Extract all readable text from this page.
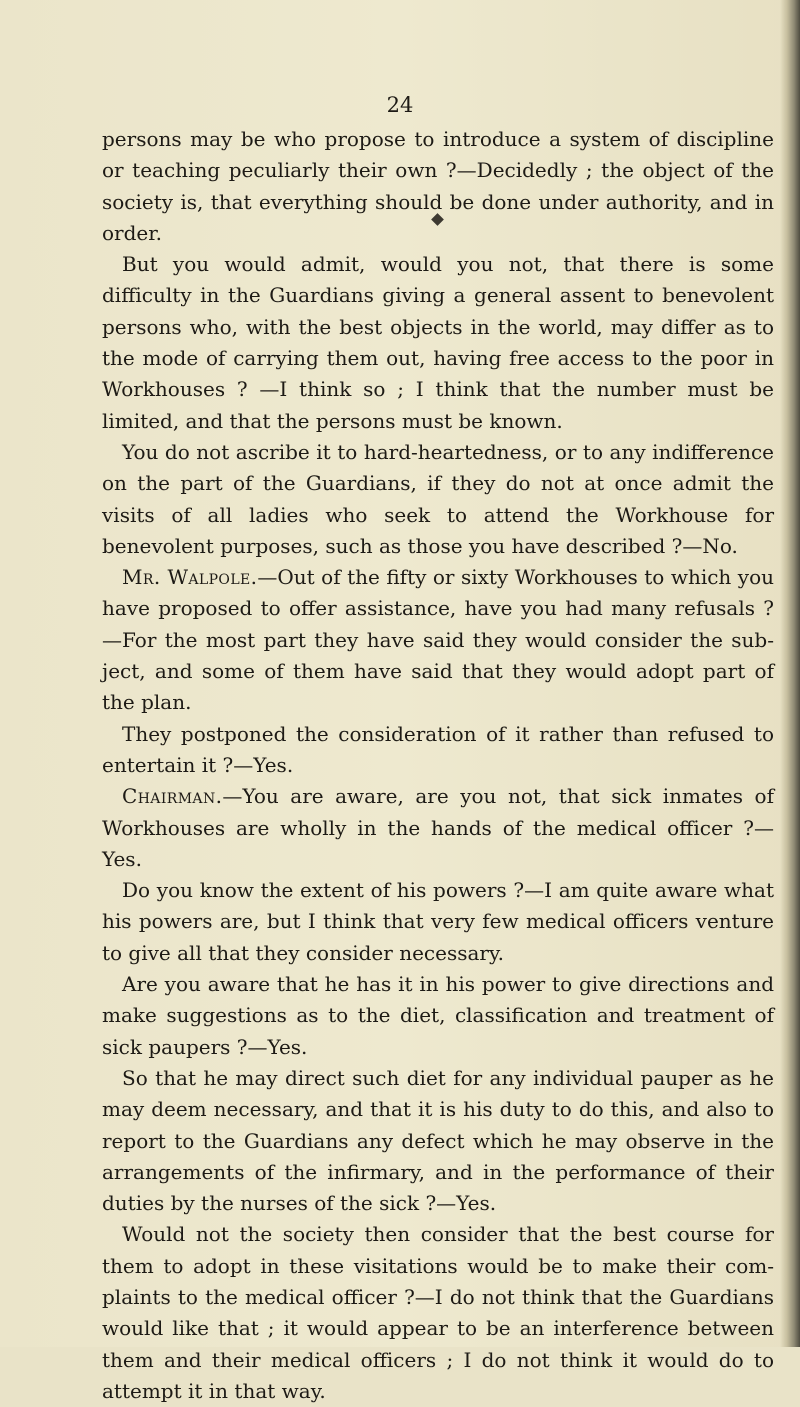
24

persons may be who propose to introduce a system of discipline or teaching peculiarly their own ?—Decidedly ; the object of the society is, that everything should be done under authority, and in order.

But you would admit, would you not, that there is some difficulty in the Guardians giving a general assent to benevolent persons who, with the best objects in the world, may differ as to the mode of carrying them out, having free access to the poor in Workhouses ? —I think so ; I think that the number must be limited, and that the persons must be known.

You do not ascribe it to hard-heartedness, or to any indifference on the part of the Guardians, if they do not at once admit the visits of all ladies who seek to attend the Workhouse for benevolent purposes, such as those you have described ?—No.

Mr. Walpole.—Out of the fifty or sixty Workhouses to which you have proposed to offer assistance, have you had many refusals ? —For the most part they have said they would consider the sub- ject, and some of them have said that they would adopt part of the plan.

They postponed the consideration of it rather than refused to entertain it ?—Yes.

Chairman.—You are aware, are you not, that sick inmates of Workhouses are wholly in the hands of the medical officer ?— Yes.

Do you know the extent of his powers ?—I am quite aware what his powers are, but I think that very few medical officers venture to give all that they consider necessary.

Are you aware that he has it in his power to give directions and make suggestions as to the diet, classification and treatment of sick paupers ?—Yes.

So that he may direct such diet for any individual pauper as he may deem necessary, and that it is his duty to do this, and also to report to the Guardians any defect which he may observe in the arrangements of the infirmary, and in the performance of their duties by the nurses of the sick ?—Yes.

Would not the society then consider that the best course for them to adopt in these visitations would be to make their com- plaints to the medical officer ?—I do not think that the Guardians would like that ; it would appear to be an interference between them and their medical officers ; I do not think it would do to attempt it in that way.
